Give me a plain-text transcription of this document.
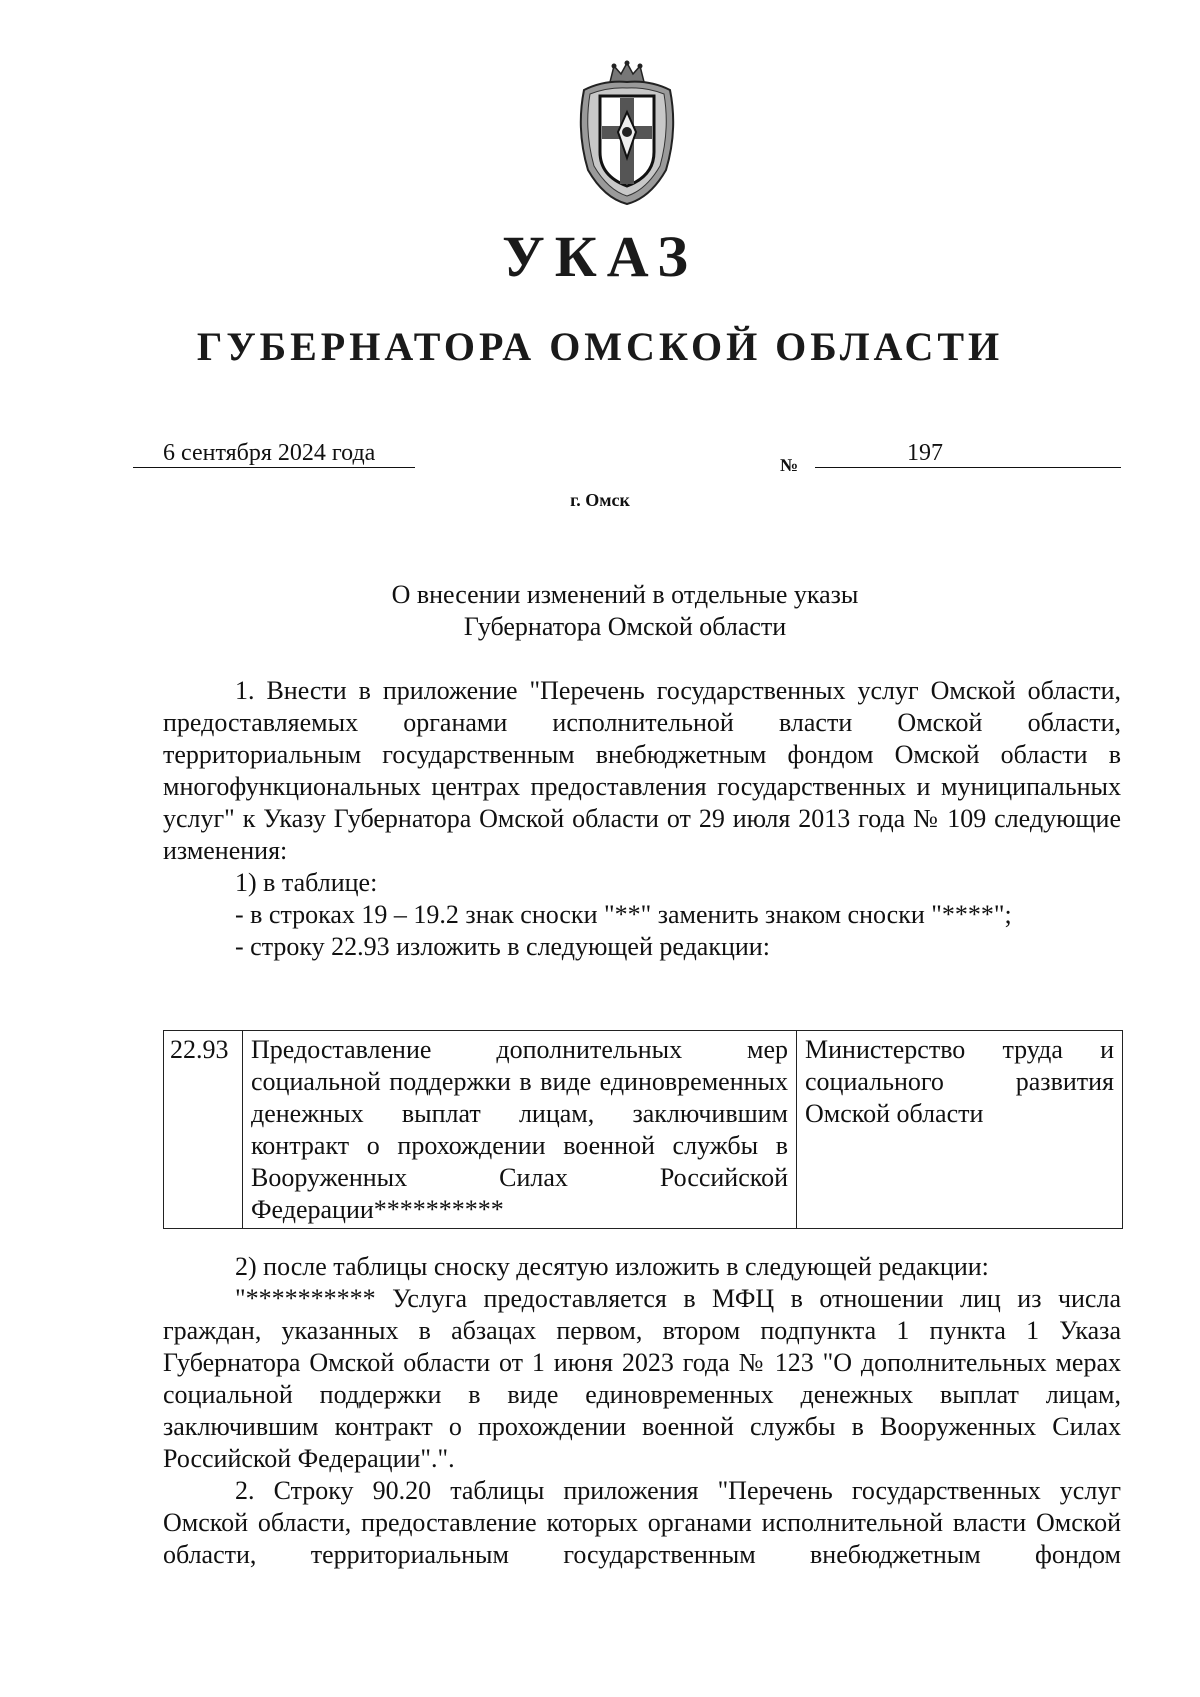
УКАЗ
ГУБЕРНАТОРА ОМСКОЙ ОБЛАСТИ
6 сентября 2024 года	№	197
г. Омск
О внесении изменений в отдельные указы
Губернатора Омской области

1. Внести в приложение "Перечень государственных услуг Омской области, предоставляемых органами исполнительной власти Омской области, территориальным государственным внебюджетным фондом Омской области в многофункциональных центрах предоставления государственных и муниципальных услуг" к Указу Губернатора Омской области от 29 июля 2013 года № 109 следующие изменения:

1) в таблице:

- в строках 19 – 19.2 знак сноски "**" заменить знаком сноски "****";

- строку 22.93 изложить в следующей редакции:

22.93	Предоставление дополнительных мер социальной поддержки в виде единовременных денежных выплат лицам, заключившим контракт о прохождении военной службы в Вооруженных Силах Российской Федерации**********	Министерство труда и социального развития Омской области

2) после таблицы сноску десятую изложить в следующей редакции:

"********** Услуга предоставляется в МФЦ в отношении лиц из числа граждан, указанных в абзацах первом, втором подпункта 1 пункта 1 Указа Губернатора Омской области от 1 июня 2023 года № 123 "О дополнительных мерах социальной поддержки в виде единовременных денежных выплат лицам, заключившим контракт о прохождении военной службы в Вооруженных Силах Российской Федерации".".

2. Строку 90.20 таблицы приложения "Перечень государственных услуг Омской области, предоставление которых органами исполнительной власти Омской области, территориальным государственным внебюджетным фондом
